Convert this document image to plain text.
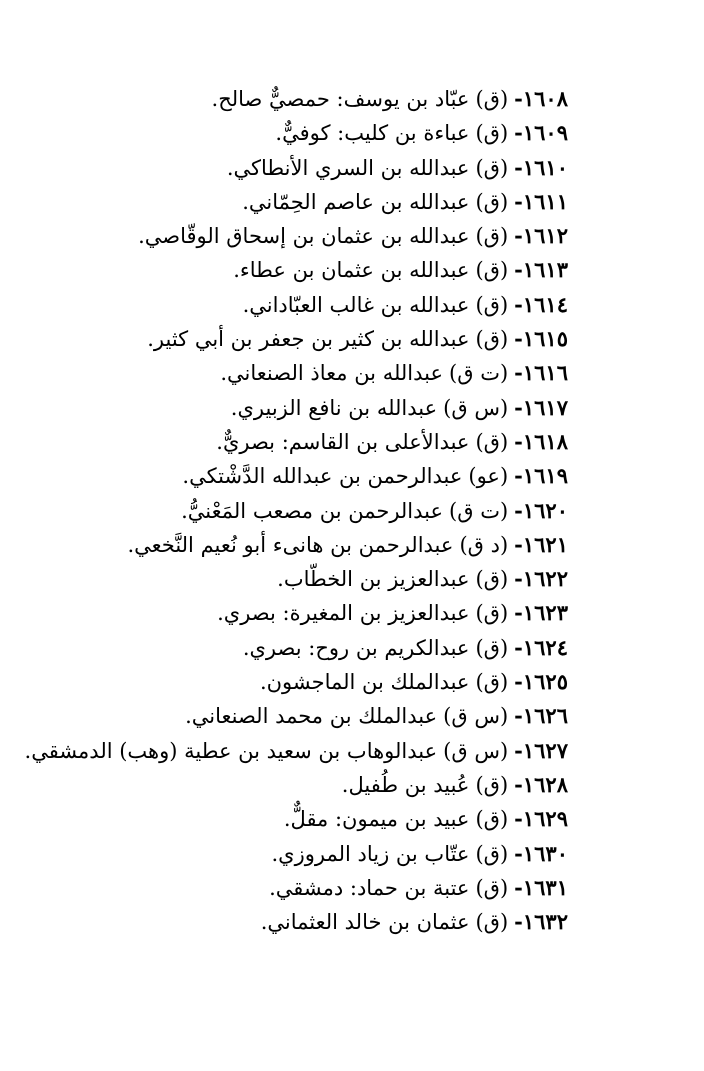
١٦٠٨-(ق)عبّاد بن يوسف: حمصيٌّ صالح.
١٦٠٩-(ق)عباءة بن كليب: كوفيٌّ.
١٦١٠-(ق)عبدالله بن السري الأنطاكي.
١٦١١-(ق)عبدالله بن عاصم الحِمّاني.
١٦١٢-(ق)عبدالله بن عثمان بن إسحاق الوقّاصي.
١٦١٣-(ق)عبدالله بن عثمان بن عطاء.
١٦١٤-(ق)عبدالله بن غالب العبّاداني.
١٦١٥-(ق)عبدالله بن كثير بن جعفر بن أبي كثير.
١٦١٦-(ت ق)عبدالله بن معاذ الصنعاني.
١٦١٧-(س ق)عبدالله بن نافع الزبيري.
١٦١٨-(ق)عبدالأعلى بن القاسم: بصريٌّ.
١٦١٩-(عو)عبدالرحمن بن عبدالله الدَّشْتكي.
١٦٢٠-(ت ق)عبدالرحمن بن مصعب المَعْنيُّ.
١٦٢١-(د ق)عبدالرحمن بن هانىء أبو نُعيم النَّخعي.
١٦٢٢-(ق)عبدالعزيز بن الخطّاب.
١٦٢٣-(ق)عبدالعزيز بن المغيرة: بصري.
١٦٢٤-(ق)عبدالكريم بن روح: بصري.
١٦٢٥-(ق)عبدالملك بن الماجشون.
١٦٢٦-(س ق)عبدالملك بن محمد الصنعاني.
١٦٢٧-(س ق)عبدالوهاب بن سعيد بن عطية (وهب) الدمشقي.
١٦٢٨-(ق)عُبيد بن طُفيل.
١٦٢٩-(ق)عبيد بن ميمون: مقلٌّ.
١٦٣٠-(ق)عتّاب بن زياد المروزي.
١٦٣١-(ق)عتبة بن حماد: دمشقي.
١٦٣٢-(ق)عثمان بن خالد العثماني.
